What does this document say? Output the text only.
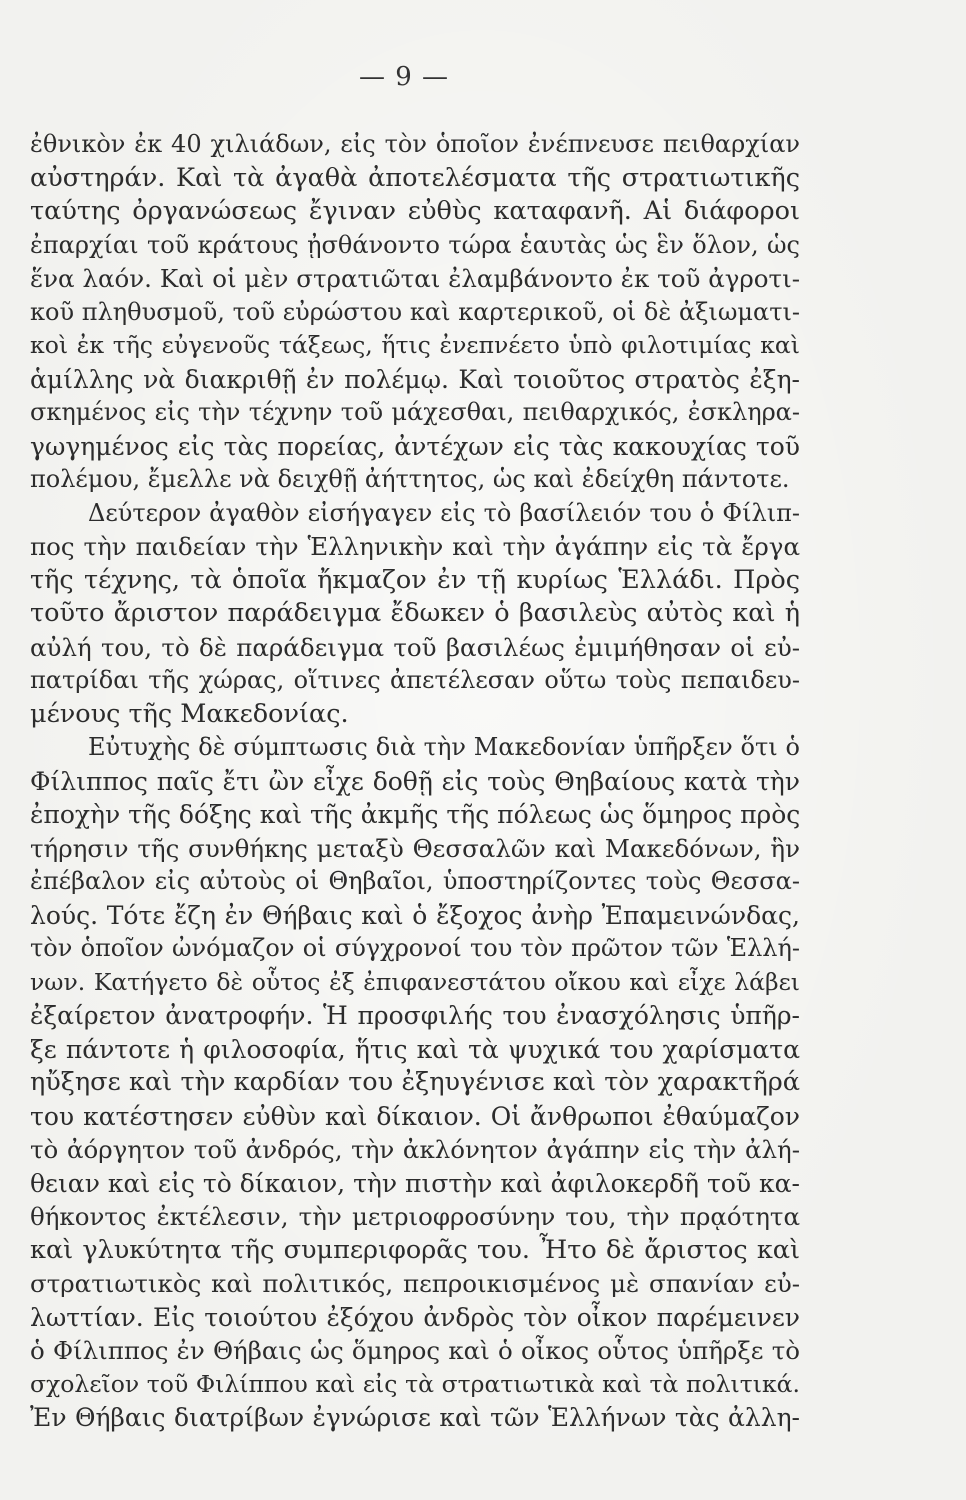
— 9 —
ἐθνικὸν ἐκ 40 χιλιάδων, εἰς τὸν ὁποῖον ἐνέπνευσε πειθαρχίαν
αὐστηράν. Καὶ τὰ ἀγαθὰ ἀποτελέσματα τῆς στρατιωτικῆς
ταύτης ὀργανώσεως ἔγιναν εὐθὺς καταφανῆ. Αἱ διάφοροι
ἐπαρχίαι τοῦ κράτους ᾐσθάνοντο τώρα ἑαυτὰς ὡς ἓν ὅλον, ὡς
ἕνα λαόν. Καὶ οἱ μὲν στρατιῶται ἐλαμβάνοντο ἐκ τοῦ ἀγροτι-
κοῦ πληθυσμοῦ, τοῦ εὐρώστου καὶ καρτερικοῦ, οἱ δὲ ἀξιωματι-
κοὶ ἐκ τῆς εὐγενοῦς τάξεως, ἥτις ἐνεπνέετο ὑπὸ φιλοτιμίας καὶ
ἁμίλλης νὰ διακριθῇ ἐν πολέμῳ. Καὶ τοιοῦτος στρατὸς ἐξη-
σκημένος εἰς τὴν τέχνην τοῦ μάχεσθαι, πειθαρχικός, ἐσκληρα-
γωγημένος εἰς τὰς πορείας, ἀντέχων εἰς τὰς κακουχίας τοῦ
πολέμου, ἔμελλε νὰ δειχθῇ ἀήττητος, ὡς καὶ ἐδείχθη πάντοτε.
Δεύτερον ἀγαθὸν εἰσήγαγεν εἰς τὸ βασίλειόν του ὁ Φίλιπ-
πος τὴν παιδείαν τὴν Ἑλληνικὴν καὶ τὴν ἀγάπην εἰς τὰ ἔργα
τῆς τέχνης, τὰ ὁποῖα ἤκμαζον ἐν τῇ κυρίως Ἑλλάδι. Πρὸς
τοῦτο ἄριστον παράδειγμα ἔδωκεν ὁ βασιλεὺς αὐτὸς καὶ ἡ
αὐλή του, τὸ δὲ παράδειγμα τοῦ βασιλέως ἐμιμήθησαν οἱ εὐ-
πατρίδαι τῆς χώρας, οἵτινες ἀπετέλεσαν οὕτω τοὺς πεπαιδευ-
μένους τῆς Μακεδονίας.
Εὐτυχὴς δὲ σύμπτωσις διὰ τὴν Μακεδονίαν ὑπῆρξεν ὅτι ὁ
Φίλιππος παῖς ἔτι ὢν εἶχε δοθῇ εἰς τοὺς Θηβαίους κατὰ τὴν
ἐποχὴν τῆς δόξης καὶ τῆς ἀκμῆς τῆς πόλεως ὡς ὅμηρος πρὸς
τήρησιν τῆς συνθήκης μεταξὺ Θεσσαλῶν καὶ Μακεδόνων, ἣν
ἐπέβαλον εἰς αὐτοὺς οἱ Θηβαῖοι, ὑποστηρίζοντες τοὺς Θεσσα-
λούς. Τότε ἔζη ἐν Θήβαις καὶ ὁ ἔξοχος ἀνὴρ Ἐπαμεινώνδας,
τὸν ὁποῖον ὠνόμαζον οἱ σύγχρονοί του τὸν πρῶτον τῶν Ἑλλή-
νων. Κατήγετο δὲ οὗτος ἐξ ἐπιφανεστάτου οἴκου καὶ εἶχε λάβει
ἐξαίρετον ἀνατροφήν. Ἡ προσφιλής του ἐνασχόλησις ὑπῆρ-
ξε πάντοτε ἡ φιλοσοφία, ἥτις καὶ τὰ ψυχικά του χαρίσματα
ηὔξησε καὶ τὴν καρδίαν του ἐξηυγένισε καὶ τὸν χαρακτῆρά
του κατέστησεν εὐθὺν καὶ δίκαιον. Οἱ ἄνθρωποι ἐθαύμαζον
τὸ ἀόργητον τοῦ ἀνδρός, τὴν ἀκλόνητον ἀγάπην εἰς τὴν ἀλή-
θειαν καὶ εἰς τὸ δίκαιον, τὴν πιστὴν καὶ ἀφιλοκερδῆ τοῦ κα-
θήκοντος ἐκτέλεσιν, τὴν μετριοφροσύνην του, τὴν πρᾳότητα
καὶ γλυκύτητα τῆς συμπεριφορᾶς του. Ἦτο δὲ ἄριστος καὶ
στρατιωτικὸς καὶ πολιτικός, πεπροικισμένος μὲ σπανίαν εὐ-
λωττίαν. Εἰς τοιούτου ἐξόχου ἀνδρὸς τὸν οἶκον παρέμεινεν
ὁ Φίλιππος ἐν Θήβαις ὡς ὅμηρος καὶ ὁ οἶκος οὗτος ὑπῆρξε τὸ
σχολεῖον τοῦ Φιλίππου καὶ εἰς τὰ στρατιωτικὰ καὶ τὰ πολιτικά.
Ἐν Θήβαις διατρίβων ἐγνώρισε καὶ τῶν Ἑλλήνων τὰς ἀλλη-
